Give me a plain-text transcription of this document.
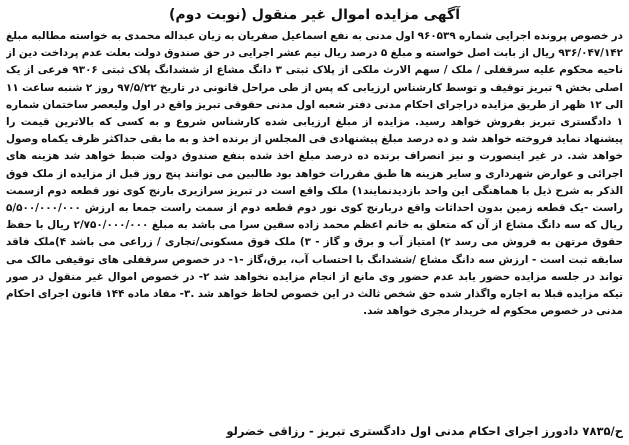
آگهی مزایده اموال غیر منقول (نوبت دوم)

در خصوص پرونده اجرایی شماره ۹۶۰۵۳۹ اول مدنی به نفع اسماعیل صفریان به زیان عبداله محمدی به خواسته مطالبه مبلغ ۹۳۶/۰۴۷/۱۴۲ ریال از بابت اصل خواسته و مبلغ ۵ درصد ریال نیم عشر اجرایی در حق صندوق دولت بعلت عدم پرداخت دین از ناحیه محکوم علیه سرقفلی / ملک / سهم الارث ملکی از پلاک ثبتی ۳ دانگ مشاع از ششدانگ پلاک ثبتی ۹۳۰۶ فرعی از یک اصلی بخش ۹ تبریز توقیف و توسط کارشناس ارزیابی که پس از طی مراحل قانونی در تاریخ ۹۷/۵/۲۲ روز ۲ شنبه ساعت ۱۱ الی ۱۲ ظهر از طریق مزایده دراجرای احکام مدنی دفتر شعبه اول مدنی حقوقی تبریز واقع در اول ولیعصر ساختمان شماره ۱ دادگستری تبریز بفروش خواهد رسید. مزایده از مبلغ ارزیابی شده کارشناس شروع و به کسی که بالاترین قیمت را پیشنهاد نماید فروخته خواهد شد و ده درصد مبلغ پیشنهادی فی المجلس از برنده اخذ و به ما بقی حداکثر ظرف یکماه وصول خواهد شد. در غیر اینصورت و نیز انصراف برنده ده درصد مبلغ اخذ شده بنفع صندوق دولت ضبط خواهد شد هزینه های اجرائی و عوارض شهرداری و سایر هزینه ها طبق مقررات خواهد بود طالبین می توانند پنج روز قبل از مزایده از ملک فوق الذکر به شرح ذیل با هماهنگی این واحد بازدیدنمایند۱) ملک واقع است در تبریز سرازیری بارنج کوی نور قطعه دوم ازسمت راست -یک قطعه زمین بدون احداثات واقع دربارنج کوی نور دوم قطعه دوم از سمت راست جمعا به ارزش ۵/۵۰۰/۰۰۰/۰۰۰ ریال که سه دانگ مشاع از آن که متعلق به خانم اعظم محمد زاده سقین سرا می باشد به مبلغ ۲/۷۵۰/۰۰۰/۰۰۰ ریال با حفظ حقوق مرتهن به فروش می رسد ۲) امتیاز آب و برق و گاز - ۳) ملک فوق مسکونی/تجاری / زراعی می باشد ۴)ملک فاقد سابقه ثبت است - ارزش سه دانگ مشاع /ششدانگ با احتساب آب، برق،گاز -۱- در خصوص سرقفلی های توقیفی مالک می تواند در جلسه مزایده حضور یابد عدم حضور وی مانع از انجام مزایده نخواهد شد ۲- در خصوص اموال غیر منقول در صور تیکه مزایده قبلا به اجاره واگذار شده حق شخص ثالث در این خصوص لحاظ خواهد شد .۳- مفاد ماده ۱۴۴ قانون اجرای احکام مدنی در خصوص محکوم له خریدار مجری خواهد شد.

ح/۷۸۳۵ دادورز اجرای احکام مدنی اول دادگستری تبریز - رزاقی خضرلو
